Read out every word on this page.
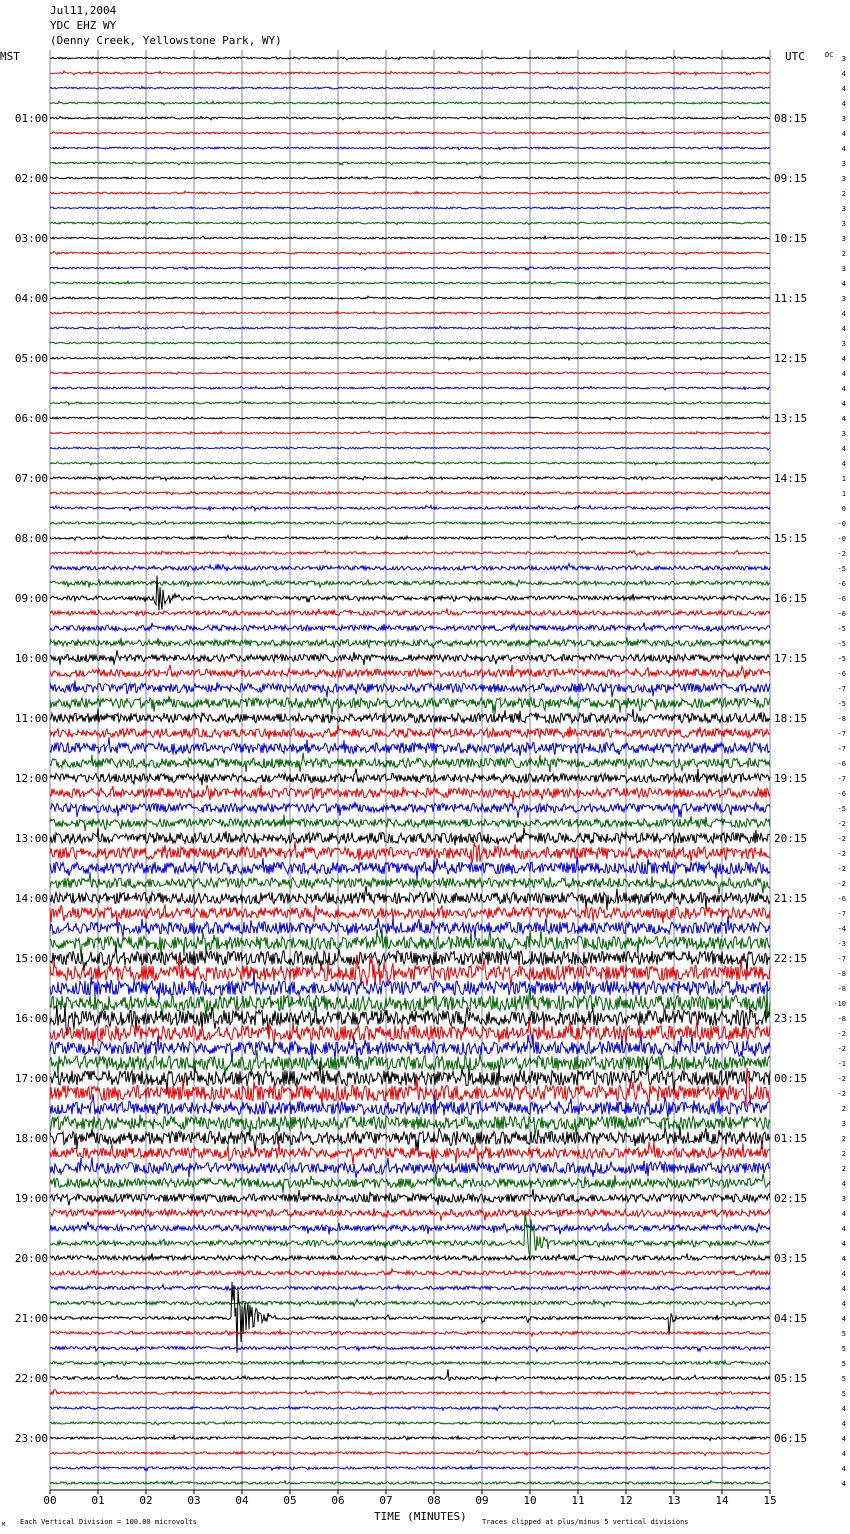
01:00
02:00
03:00
04:00
05:00
06:00
07:00
08:00
09:00
10:00
11:00
12:00
13:00
14:00
15:00
16:00
17:00
18:00
19:00
20:00
21:00
22:00
23:00
08:15
09:15
10:15
11:15
12:15
13:15
14:15
15:15
16:15
17:15
18:15
19:15
20:15
21:15
22:15
23:15
00:15
01:15
02:15
03:15
04:15
05:15
06:15
3
4
4
4
3
4
4
3
3
2
3
3
3
2
3
4
3
4
4
3
4
4
4
4
4
3
4
4
1
1
0
-0
-0
-2
-5
-6
-6
-6
-5
-5
-5
-6
-7
-5
-8
-7
-7
-6
-7
-6
-5
-2
-2
-2
-2
-2
-6
-7
-4
-3
-7
-8
-8
-10
-8
-2
-2
-1
-2
-2
2
3
2
2
2
4
3
4
4
4
4
4
4
4
4
5
5
5
5
5
4
4
4
4
4
4
00	01	02	03	04	05	06	07	08	09	10	11	12	13	14	15
Jul11,2004
YDC EHZ WY
(Denny Creek, Yellowstone Park, WY)
MST	UTC	DC
TIME (MINUTES)
Each Vertical Division = 100.00 microvolts	Traces clipped at plus/minus 5 vertical divisions
M
